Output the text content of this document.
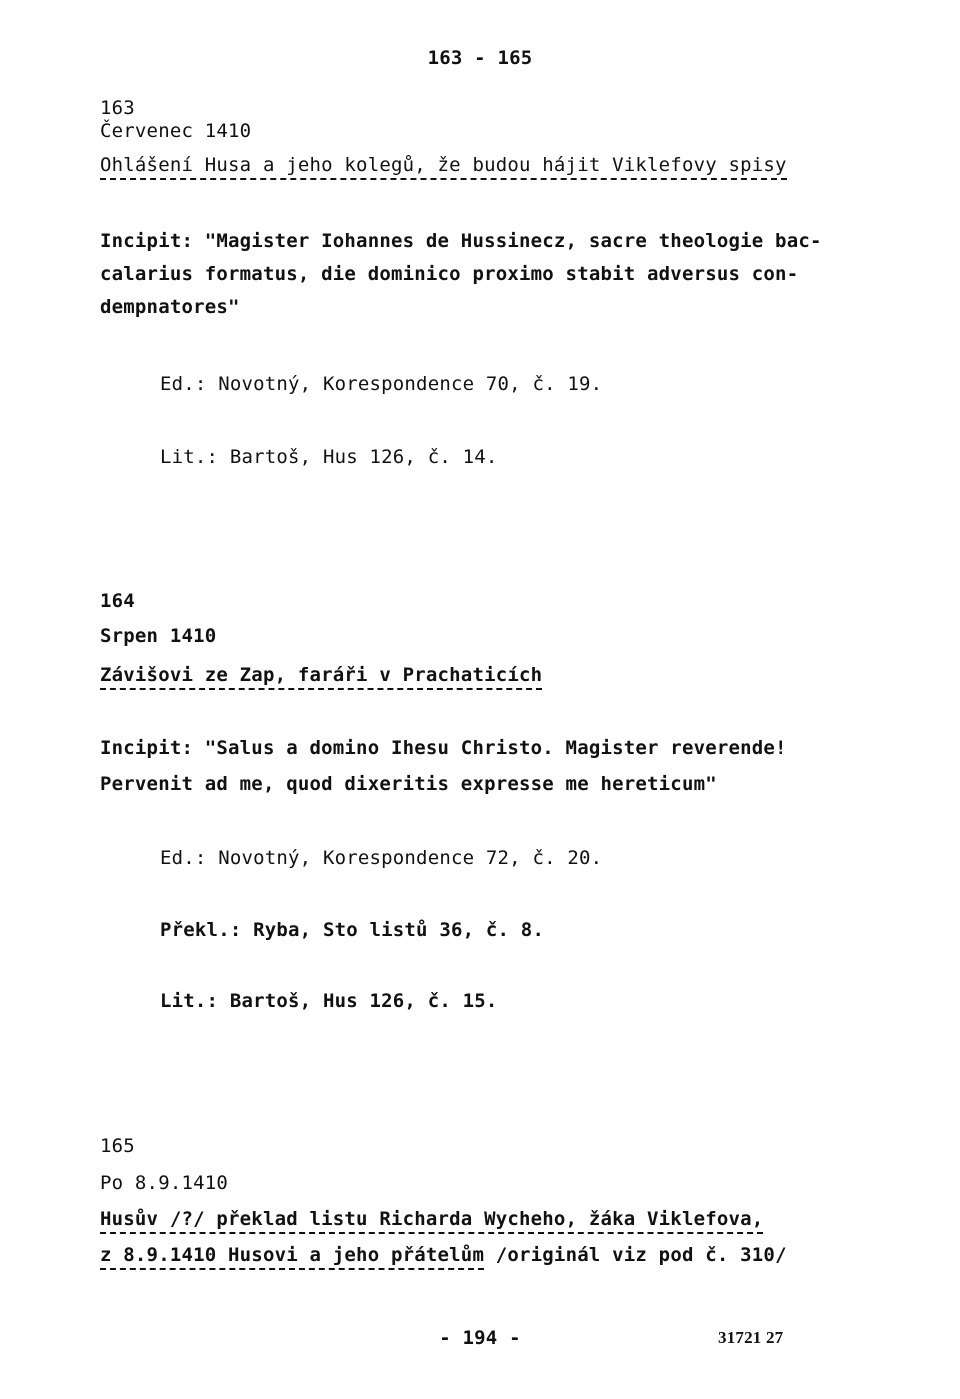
163 - 165
163
Červenec 1410
Ohlášení Husa a jeho kolegů, že budou hájit Viklefovy spisy
Incipit: "Magister Iohannes de Hussinecz, sacre theologie bac-
calarius formatus, die dominico proximo stabit adversus con-
dempnatores"
Ed.: Novotný, Korespondence 70, č. 19.
Lit.: Bartoš, Hus 126, č. 14.
164
Srpen 1410
Závišovi ze Zap, faráři v Prachaticích
Incipit: "Salus a domino Ihesu Christo. Magister reverende!
Pervenit ad me, quod dixeritis expresse me hereticum"
Ed.: Novotný, Korespondence 72, č. 20.
Překl.: Ryba, Sto listů 36, č. 8.
Lit.: Bartoš, Hus 126, č. 15.
165
Po 8.9.1410
Husův /?/ překlad listu Richarda Wycheho, žáka Viklefova,
z 8.9.1410 Husovi a jeho přátelům /originál viz pod č. 310/
- 194 -	31721 27
